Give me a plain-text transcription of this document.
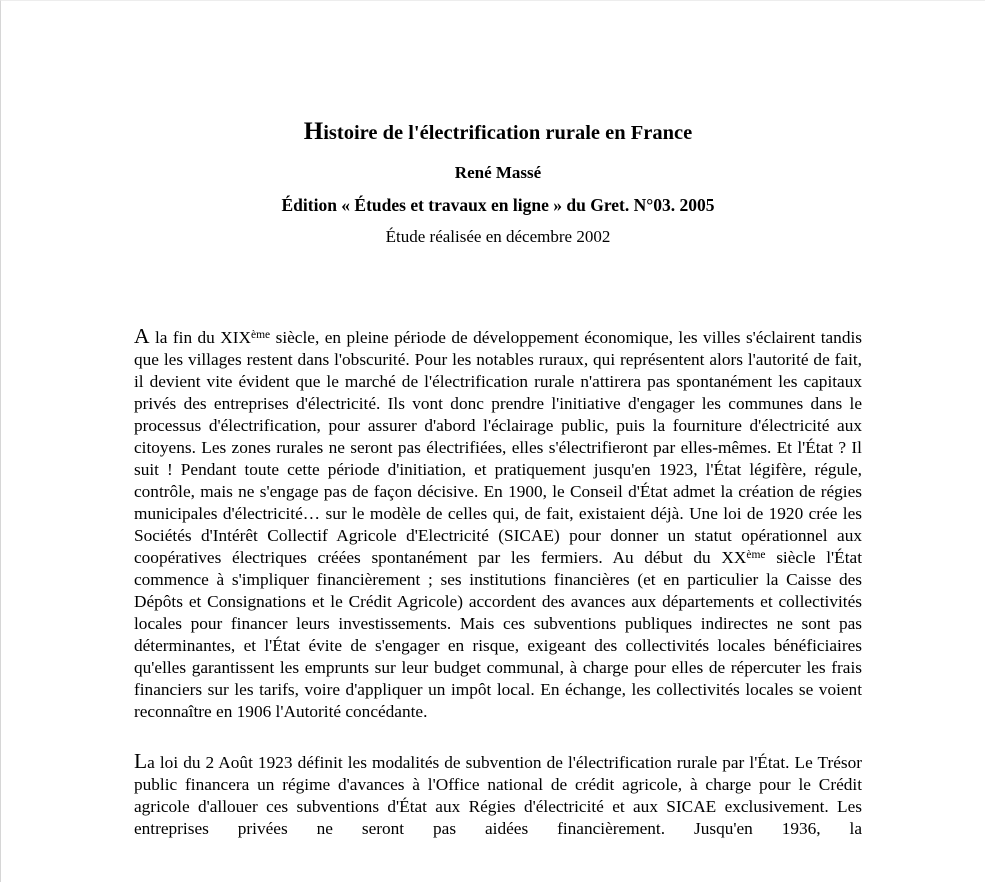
Histoire de l'électrification rurale en France
René Massé
Édition « Études et travaux en ligne » du Gret. N°03. 2005
Étude réalisée en décembre 2002

A la fin du XIXème siècle, en pleine période de développement économique, les villes s'éclairent tandis que les villages restent dans l'obscurité. Pour les notables ruraux, qui représentent alors l'autorité de fait, il devient vite évident que le marché de l'électrification rurale n'attirera pas spontanément les capitaux privés des entreprises d'électricité. Ils vont donc prendre l'initiative d'engager les communes dans le processus d'électrification, pour assurer d'abord l'éclairage public, puis la fourniture d'électricité aux citoyens. Les zones rurales ne seront pas électrifiées, elles s'électrifieront par elles-mêmes. Et l'État ? Il suit ! Pendant toute cette période d'initiation, et pratiquement jusqu'en 1923, l'État légifère, régule, contrôle, mais ne s'engage pas de façon décisive. En 1900, le Conseil d'État admet la création de régies municipales d'électricité… sur le modèle de celles qui, de fait, existaient déjà. Une loi de 1920 crée les Sociétés d'Intérêt Collectif Agricole d'Electricité (SICAE) pour donner un statut opérationnel aux coopératives électriques créées spontanément par les fermiers. Au début du XXème siècle l'État commence à s'impliquer financièrement ; ses institutions financières (et en particulier la Caisse des Dépôts et Consignations et le Crédit Agricole) accordent des avances aux départements et collectivités locales pour financer leurs investissements. Mais ces subventions publiques indirectes ne sont pas déterminantes, et l'État évite de s'engager en risque, exigeant des collectivités locales bénéficiaires qu'elles garantissent les emprunts sur leur budget communal, à charge pour elles de répercuter les frais financiers sur les tarifs, voire d'appliquer un impôt local. En échange, les collectivités locales se voient reconnaître en 1906 l'Autorité concédante.

La loi du 2 Août 1923 définit les modalités de subvention de l'électrification rurale par l'État. Le Trésor public financera un régime d'avances à l'Office national de crédit agricole, à charge pour le Crédit agricole d'allouer ces subventions d'État aux Régies d'électricité et aux SICAE exclusivement. Les entreprises privées ne seront pas aidées financièrement. Jusqu'en 1936, la
